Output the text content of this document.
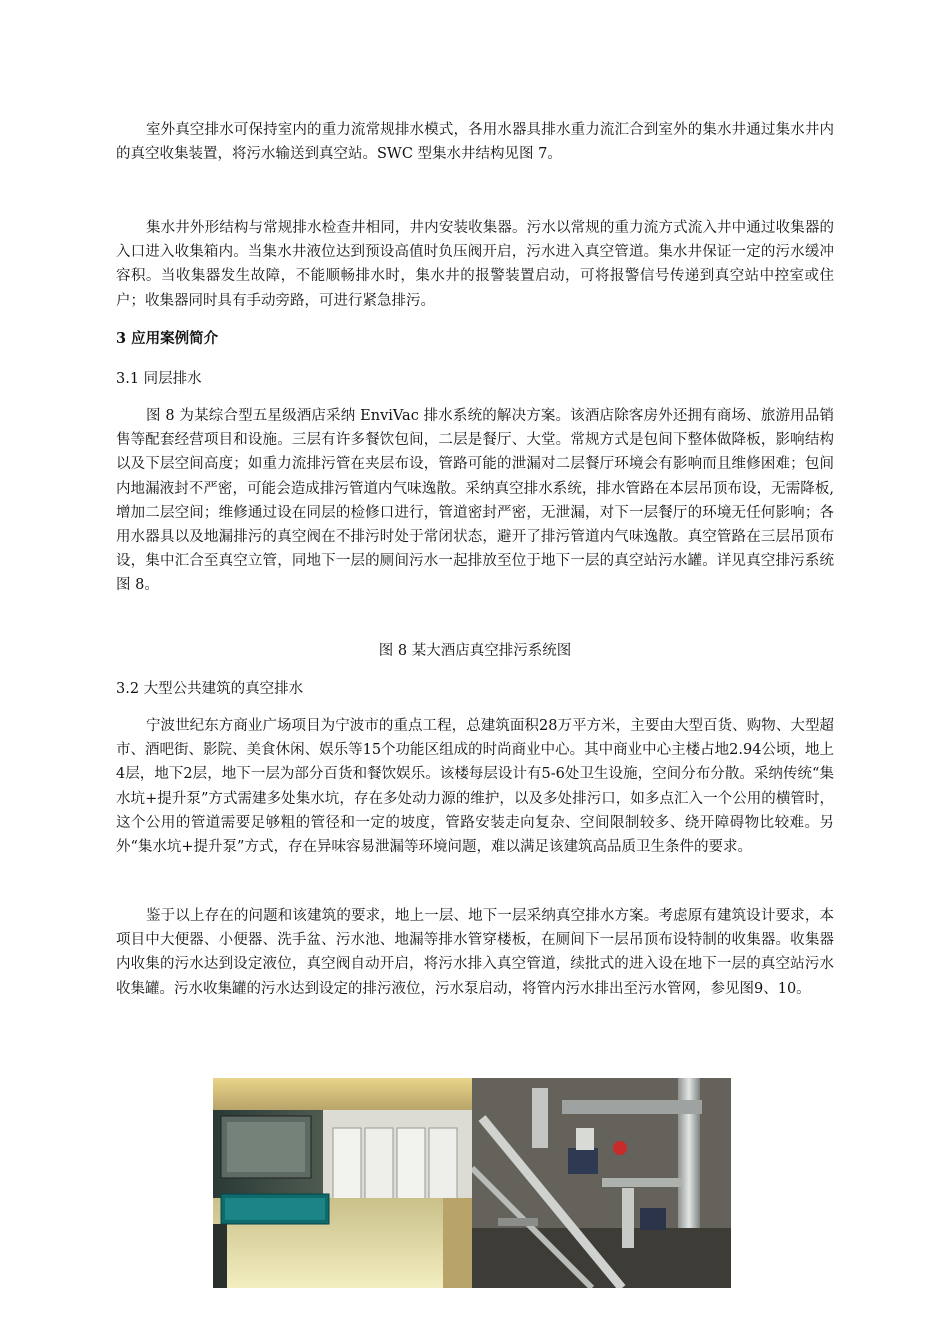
室外真空排水可保持室内的重力流常规排水模式，各用水器具排水重力流汇合到室外的集水井通过集水井内的真空收集装置，将污水输送到真空站。SWC 型集水井结构见图 7。

集水井外形结构与常规排水检查井相同，井内安装收集器。污水以常规的重力流方式流入井中通过收集器的入口进入收集箱内。当集水井液位达到预设高值时负压阀开启，污水进入真空管道。集水井保证一定的污水缓冲容积。当收集器发生故障，不能顺畅排水时，集水井的报警装置启动，可将报警信号传递到真空站中控室或住户；收集器同时具有手动旁路，可进行紧急排污。

3 应用案例简介

3.1 同层排水

图 8 为某综合型五星级酒店采纳 EnviVac 排水系统的解决方案。该酒店除客房外还拥有商场、旅游用品销售等配套经营项目和设施。三层有许多餐饮包间，二层是餐厅、大堂。常规方式是包间下整体做降板，影响结构以及下层空间高度；如重力流排污管在夹层布设，管路可能的泄漏对二层餐厅环境会有影响而且维修困难；包间内地漏液封不严密，可能会造成排污管道内气味逸散。采纳真空排水系统，排水管路在本层吊顶布设，无需降板,增加二层空间；维修通过设在同层的检修口进行，管道密封严密，无泄漏，对下一层餐厅的环境无任何影响；各用水器具以及地漏排污的真空阀在不排污时处于常闭状态，避开了排污管道内气味逸散。真空管路在三层吊顶布设，集中汇合至真空立管，同地下一层的厕间污水一起排放至位于地下一层的真空站污水罐。详见真空排污系统图 8。

图 8 某大酒店真空排污系统图

3.2 大型公共建筑的真空排水

宁波世纪东方商业广场项目为宁波市的重点工程，总建筑面积28万平方米，主要由大型百货、购物、大型超市、酒吧街、影院、美食休闲、娱乐等15个功能区组成的时尚商业中心。其中商业中心主楼占地2.94公顷，地上4层，地下2层，地下一层为部分百货和餐饮娱乐。该楼每层设计有5-6处卫生设施，空间分布分散。采纳传统“集水坑+提升泵”方式需建多处集水坑，存在多处动力源的维护，以及多处排污口，如多点汇入一个公用的横管时，这个公用的管道需要足够粗的管径和一定的坡度，管路安装走向复杂、空间限制较多、绕开障碍物比较难。另外“集水坑+提升泵”方式，存在异味容易泄漏等环境问题，难以满足该建筑高品质卫生条件的要求。

鉴于以上存在的问题和该建筑的要求，地上一层、地下一层采纳真空排水方案。考虑原有建筑设计要求，本项目中大便器、小便器、洗手盆、污水池、地漏等排水管穿楼板，在厕间下一层吊顶布设特制的收集器。收集器内收集的污水达到设定液位，真空阀自动开启，将污水排入真空管道，续批式的进入设在地下一层的真空站污水收集罐。污水收集罐的污水达到设定的排污液位，污水泵启动，将管内污水排出至污水管网，参见图9、10。
